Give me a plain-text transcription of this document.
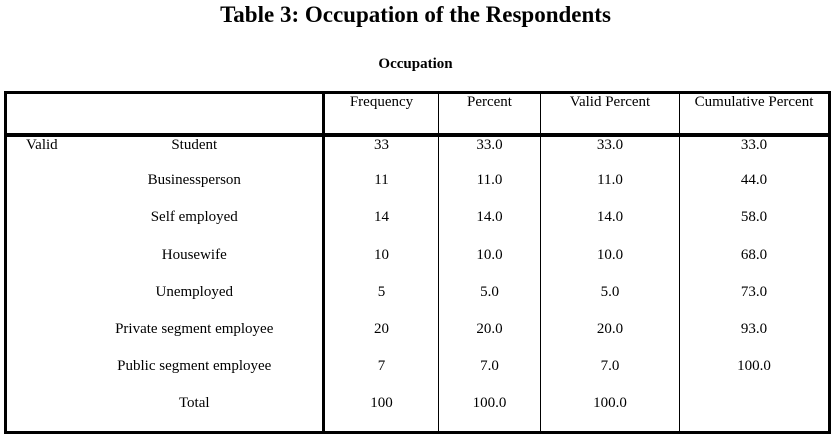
Table 3: Occupation of the Respondents
Occupation
		Frequency	Percent	Valid Percent	Cumulative Percent
Valid	Student	33	33.0	33.0	33.0
	Businessperson	11	11.0	11.0	44.0
	Self employed	14	14.0	14.0	58.0
	Housewife	10	10.0	10.0	68.0
	Unemployed	5	5.0	5.0	73.0
	Private segment employee	20	20.0	20.0	93.0
	Public segment employee	7	7.0	7.0	100.0
	Total	100	100.0	100.0	
